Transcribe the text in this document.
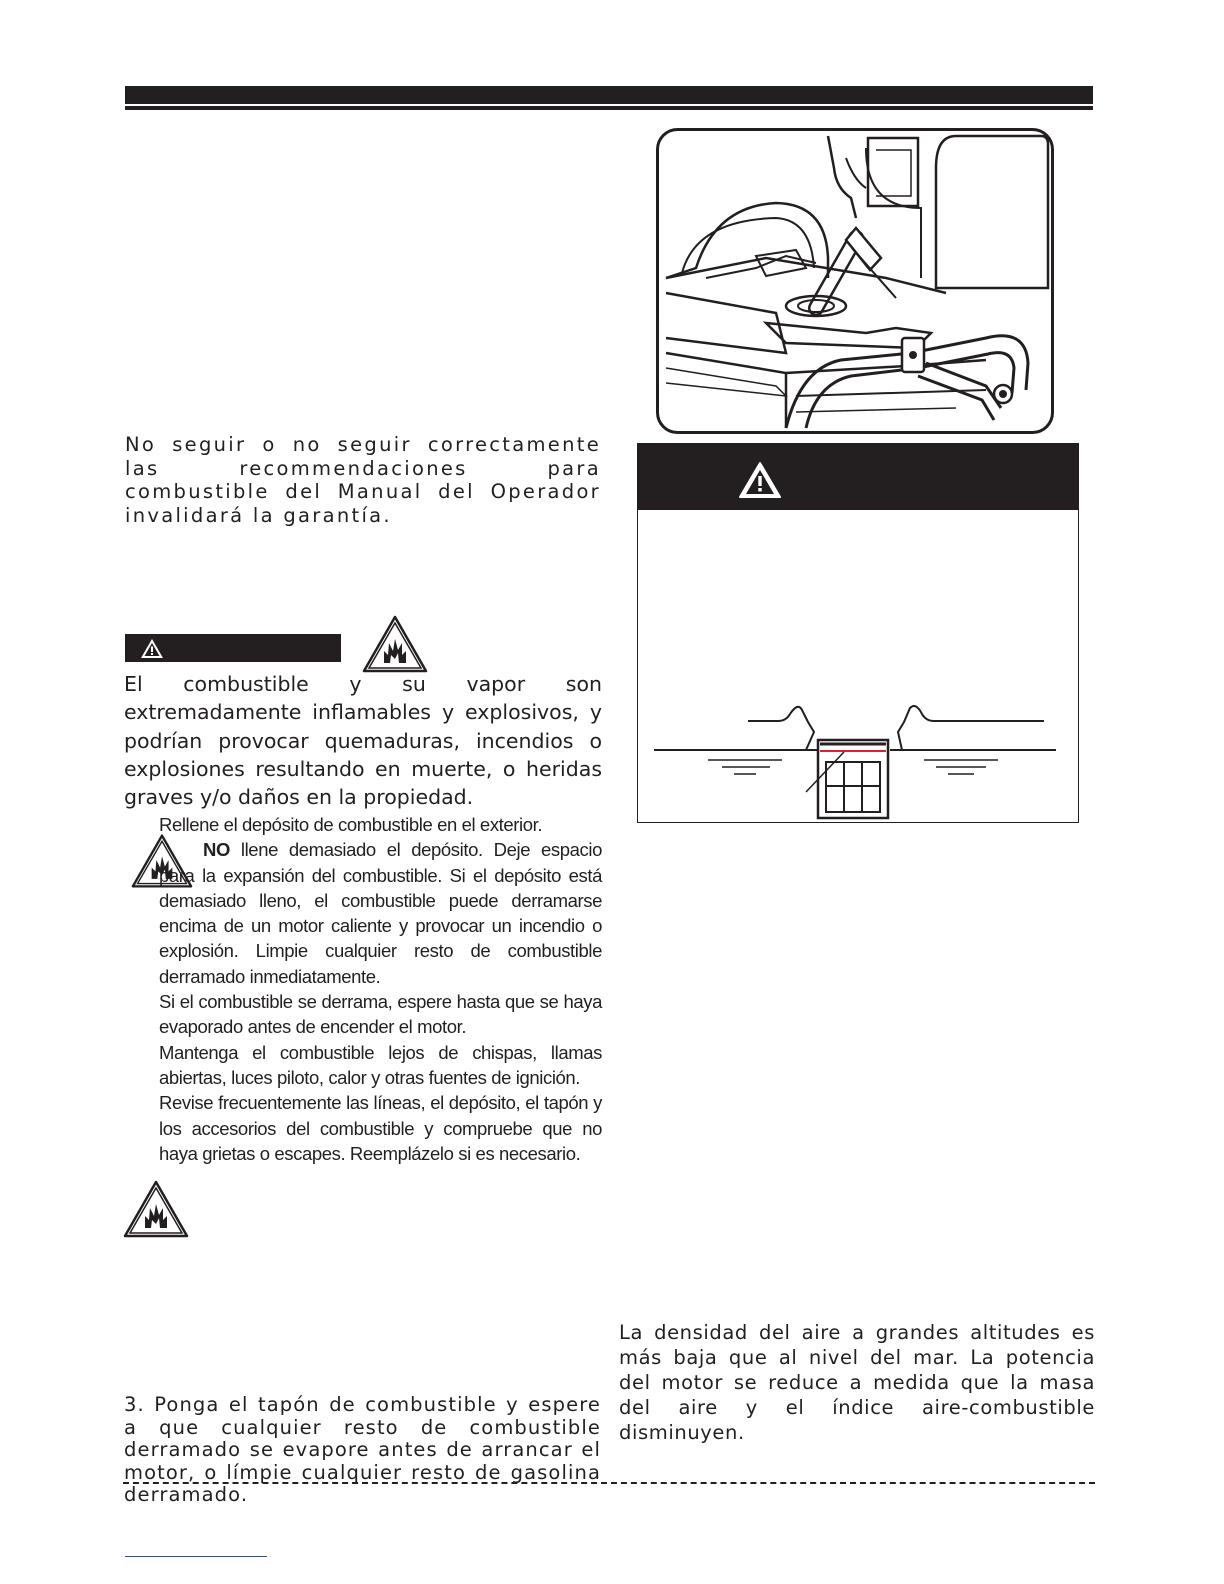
No seguir o no seguir correctamente las recommendaciones para combustible del Manual del Operador invalidará la garantía.
El combustible y su vapor son extremadamente inflamables y explosivos, y podrían provocar quemaduras, incendios o explosiones resultando en muerte, o heridas graves y/o daños en la propiedad.

Rellene el depósito de combustible en el exterior.

NO llene demasiado el depósito. Deje espacio para la expansión del combustible. Si el depósito está demasiado lleno, el combustible puede derramarse encima de un motor caliente y provocar un incendio o explosión. Limpie cualquier resto de combustible derramado inmediatamente.

Si el combustible se derrama, espere hasta que se haya evaporado antes de encender el motor.

Mantenga el combustible lejos de chispas, llamas abiertas, luces piloto, calor y otras fuentes de ignición.

Revise frecuentemente las líneas, el depósito, el tapón y los accesorios del combustible y compruebe que no haya grietas o escapes. Reemplázelo si es necesario.

3. Ponga el tapón de combustible y espere a que cualquier resto de combustible derramado se evapore antes de arrancar el motor, o límpie cualquier resto de gasolina derramado.
La densidad del aire a grandes altitudes es más baja que al nivel del mar. La potencia del motor se reduce a medida que la masa del aire y el índice aire-combustible disminuyen.
